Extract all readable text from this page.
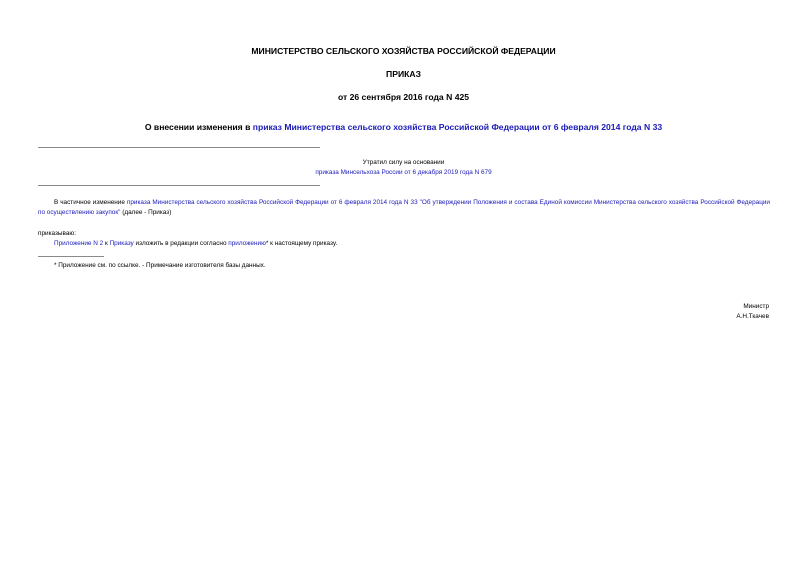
МИНИСТЕРСТВО СЕЛЬСКОГО ХОЗЯЙСТВА РОССИЙСКОЙ ФЕДЕРАЦИИ
ПРИКАЗ
от 26 сентября 2016 года N 425
О внесении изменения в приказ Министерства сельского хозяйства Российской Федерации от 6 февраля 2014 года N 33
Утратил силу на основании
приказа Минсельхоза России от 6 декабря 2019 года N 679
В частичное изменение приказа Министерства сельского хозяйства Российской Федерации от 6 февраля 2014 года N 33 "Об утверждении Положения и состава Единой комиссии Министерства сельского хозяйства Российской Федерации по осуществлению закупок" (далее - Приказ)
приказываю:
Приложение N 2 к Приказу изложить в редакции согласно приложению* к настоящему приказу.
* Приложение см. по ссылке. - Примечание изготовителя базы данных.
Министр
А.Н.Ткачев
